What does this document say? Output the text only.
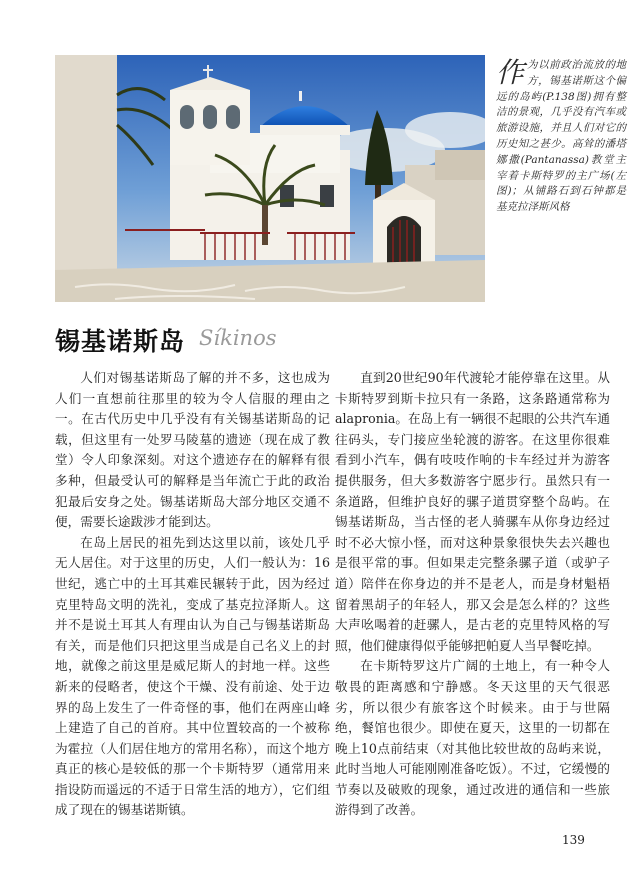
作为以前政治流放的地方，锡基诺斯这个偏远的岛屿(P.138图)拥有整洁的景观，几乎没有汽车或旅游设施，并且人们对它的历史知之甚少。高耸的潘塔娜撒(Pantanassa)教堂主宰着卡斯特罗的主广场(左图)；从铺路石到石钟都是基克拉泽斯风格
锡基诺斯岛 Síkinos

人们对锡基诺斯岛了解的并不多，这也成为人们一直想前往那里的较为令人信服的理由之一。在古代历史中几乎没有有关锡基诺斯岛的记载，但这里有一处罗马陵墓的遗迹（现在成了教堂）令人印象深刻。对这个遗迹存在的解释有很多种，但最受认可的解释是当年流亡于此的政治犯最后安身之处。锡基诺斯岛大部分地区交通不便，需要长途跋涉才能到达。

在岛上居民的祖先到达这里以前，该处几乎无人居住。对于这里的历史，人们一般认为：16世纪，逃亡中的土耳其难民辗转于此，因为经过克里特岛文明的洗礼，变成了基克拉泽斯人。这并不是说土耳其人有理由认为自己与锡基诺斯岛有关，而是他们只把这里当成是自己名义上的封地，就像之前这里是威尼斯人的封地一样。这些新来的侵略者，使这个干燥、没有前途、处于边界的岛上发生了一件奇怪的事，他们在两座山峰上建造了自己的首府。其中位置较高的一个被称为霍拉（人们居住地方的常用名称），而这个地方真正的核心是较低的那一个卡斯特罗（通常用来指设防而遥远的不适于日常生活的地方），它们组成了现在的锡基诺斯镇。

直到20世纪90年代渡轮才能停靠在这里。从卡斯特罗到斯卡拉只有一条路，这条路通常称为alapronia。在岛上有一辆很不起眼的公共汽车通往码头，专门接应坐轮渡的游客。在这里你很难看到小汽车，偶有吱吱作响的卡车经过并为游客提供服务，但大多数游客宁愿步行。虽然只有一条道路，但维护良好的骡子道贯穿整个岛屿。在锡基诺斯岛，当古怪的老人骑骡车从你身边经过时不必大惊小怪，而对这种景象很快失去兴趣也是很平常的事。但如果走完整条骡子道（或驴子道）陪伴在你身边的并不是老人，而是身材魁梧留着黑胡子的年轻人，那又会是怎么样的？这些大声吆喝着的赶骡人，是古老的克里特风格的写照，他们健康得似乎能够把帕夏人当早餐吃掉。

在卡斯特罗这片广阔的土地上，有一种令人敬畏的距离感和宁静感。冬天这里的天气很恶劣，所以很少有旅客这个时候来。由于与世隔绝，餐馆也很少。即使在夏天，这里的一切都在晚上10点前结束（对其他比较世故的岛屿来说，此时当地人可能刚刚准备吃饭）。不过，它缓慢的节奏以及破败的现象，通过改进的通信和一些旅游得到了改善。

139
